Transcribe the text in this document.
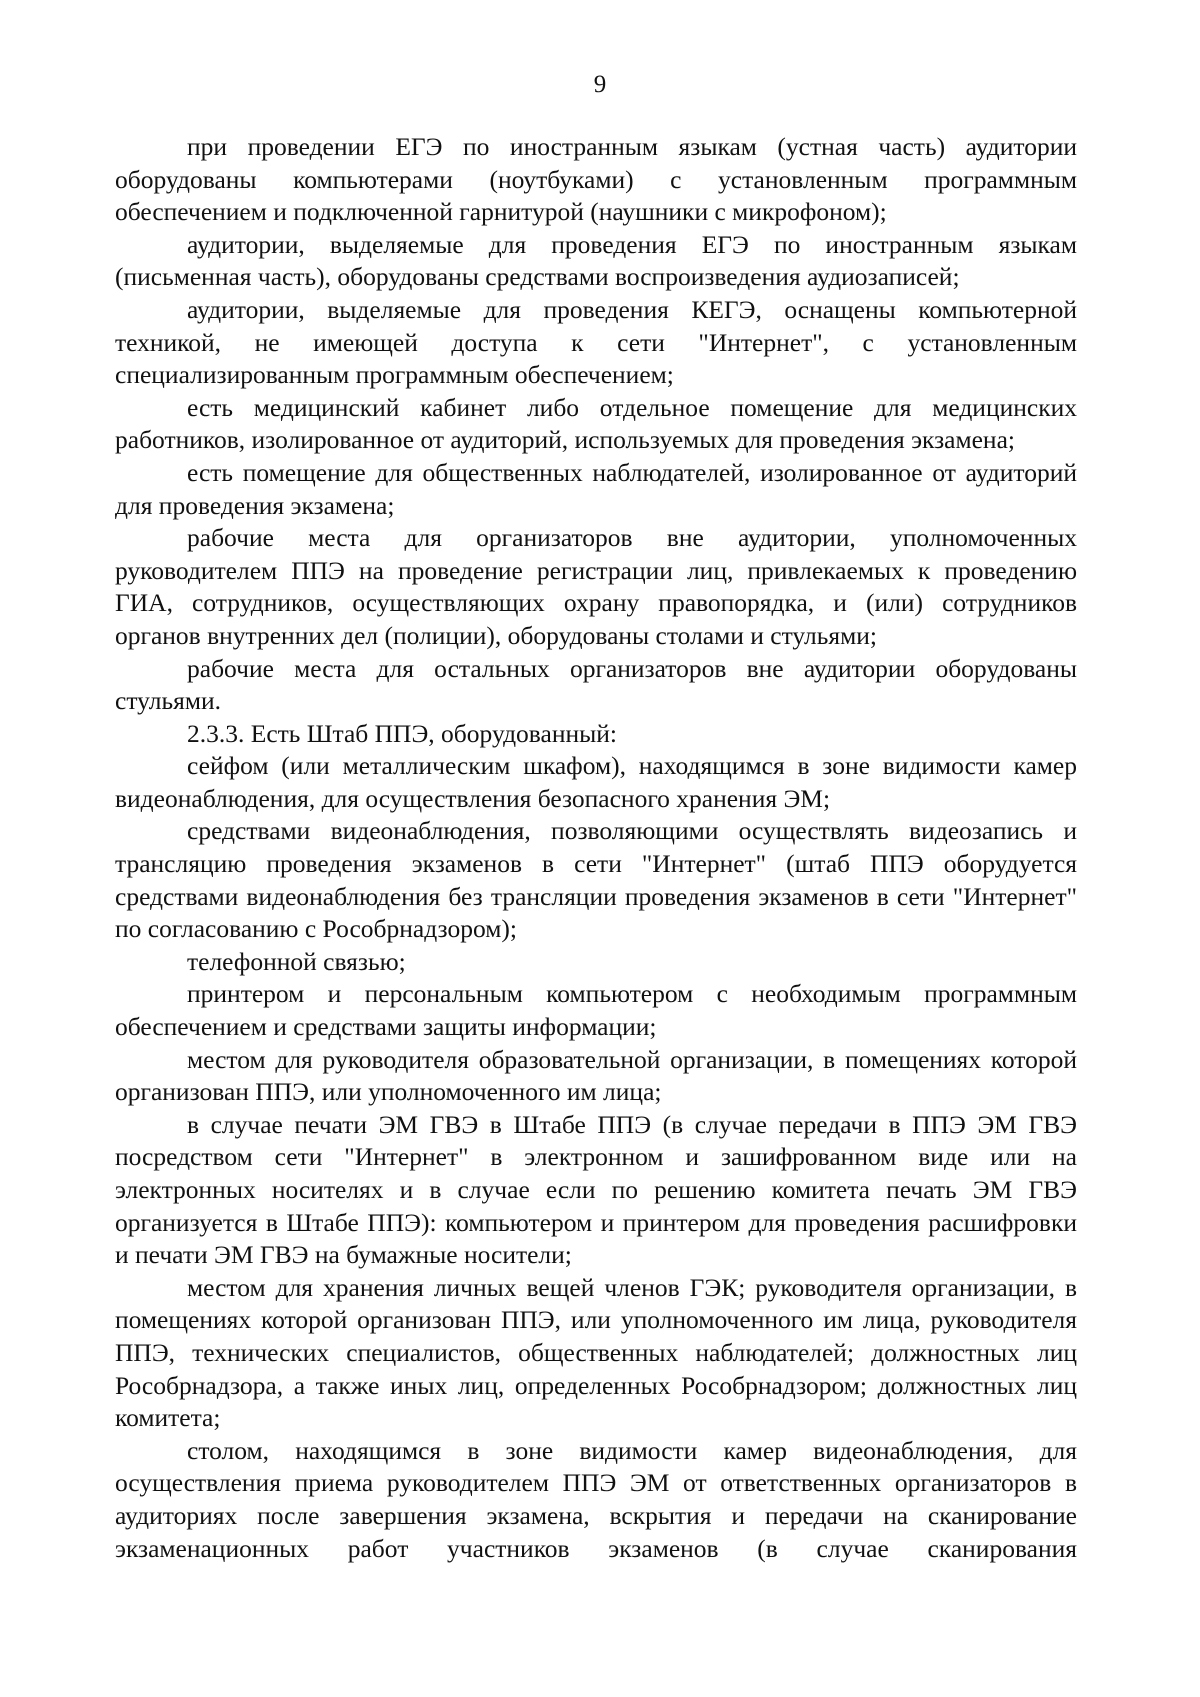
9

при проведении ЕГЭ по иностранным языкам (устная часть) аудитории оборудованы компьютерами (ноутбуками) с установленным программным обеспечением и подключенной гарнитурой (наушники с микрофоном);

аудитории, выделяемые для проведения ЕГЭ по иностранным языкам (письменная часть), оборудованы средствами воспроизведения аудиозаписей;

аудитории, выделяемые для проведения КЕГЭ, оснащены компьютерной техникой, не имеющей доступа к сети "Интернет", с установленным специализированным программным обеспечением;

есть медицинский кабинет либо отдельное помещение для медицинских работников, изолированное от аудиторий, используемых для проведения экзамена;

есть помещение для общественных наблюдателей, изолированное от аудиторий для проведения экзамена;

рабочие места для организаторов вне аудитории, уполномоченных руководителем ППЭ на проведение регистрации лиц, привлекаемых к проведению ГИА, сотрудников, осуществляющих охрану правопорядка, и (или) сотрудников органов внутренних дел (полиции), оборудованы столами и стульями;

рабочие места для остальных организаторов вне аудитории оборудованы стульями.

2.3.3. Есть Штаб ППЭ, оборудованный:

сейфом (или металлическим шкафом), находящимся в зоне видимости камер видеонаблюдения, для осуществления безопасного хранения ЭМ;

средствами видеонаблюдения, позволяющими осуществлять видеозапись и трансляцию проведения экзаменов в сети "Интернет" (штаб ППЭ оборудуется средствами видеонаблюдения без трансляции проведения экзаменов в сети "Интернет" по согласованию с Рособрнадзором);

телефонной связью;

принтером и персональным компьютером с необходимым программным обеспечением и средствами защиты информации;

местом для руководителя образовательной организации, в помещениях которой организован ППЭ, или уполномоченного им лица;

в случае печати ЭМ ГВЭ в Штабе ППЭ (в случае передачи в ППЭ ЭМ ГВЭ посредством сети "Интернет" в электронном и зашифрованном виде или на электронных носителях и в случае если по решению комитета печать ЭМ ГВЭ организуется в Штабе ППЭ): компьютером и принтером для проведения расшифровки и печати ЭМ ГВЭ на бумажные носители;

местом для хранения личных вещей членов ГЭК; руководителя организации, в помещениях которой организован ППЭ, или уполномоченного им лица, руководителя ППЭ, технических специалистов, общественных наблюдателей; должностных лиц Рособрнадзора, а также иных лиц, определенных Рособрнадзором; должностных лиц комитета;

столом, находящимся в зоне видимости камер видеонаблюдения, для осуществления приема руководителем ППЭ ЭМ от ответственных организаторов в аудиториях после завершения экзамена, вскрытия и передачи на сканирование экзаменационных работ участников экзаменов (в случае сканирования
